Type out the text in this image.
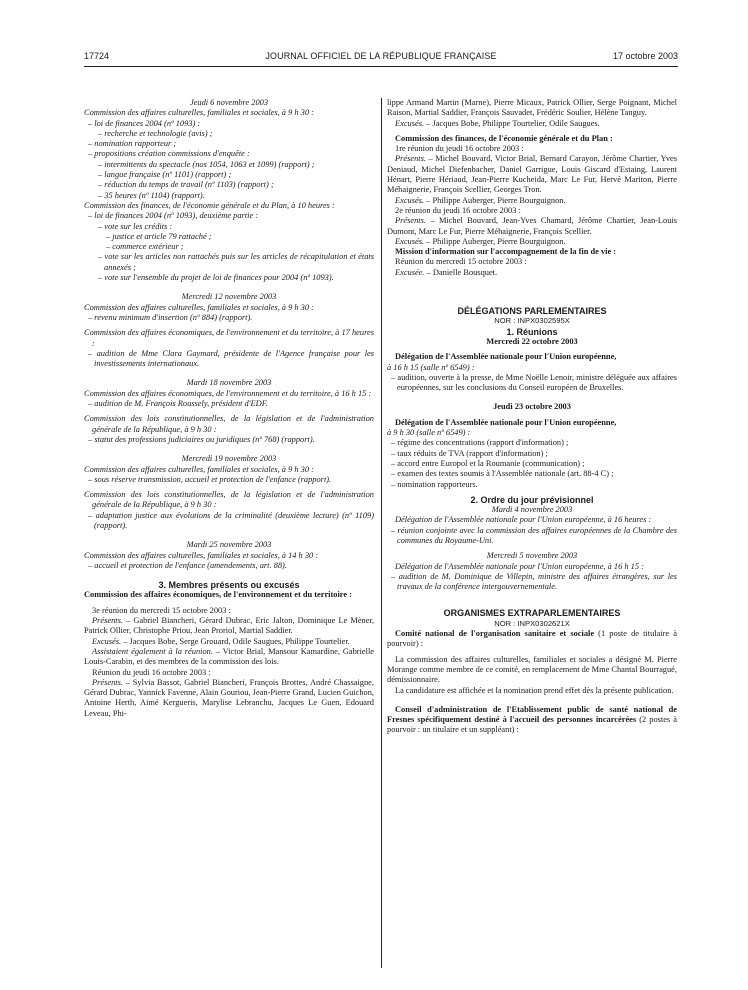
17724	JOURNAL OFFICIEL DE LA RÉPUBLIQUE FRANÇAISE	17 octobre 2003

Jeudi 6 novembre 2003

Commission des affaires culturelles, familiales et sociales, à 9 h 30 :

– loi de finances 2004 (nº 1093) :

– recherche et technologie (avis) ;

– nomination rapporteur ;

– propositions création commissions d'enquête :

– intermittents du spectacle (nos 1054, 1063 et 1099) (rapport) ;

– langue française (nº 1101) (rapport) ;

– réduction du temps de travail (nº 1103) (rapport) ;

– 35 heures (nº 1104) (rapport).

Commission des finances, de l'économie générale et du Plan, à 10 heures :

– loi de finances 2004 (nº 1093), deuxième partie :

– vote sur les crédits :

– justice et article 79 rattaché ;

– commerce extérieur ;

– vote sur les articles non rattachés puis sur les articles de récapitulation et états annexés ;

– vote sur l'ensemble du projet de loi de finances pour 2004 (nº 1093).

Mercredi 12 novembre 2003

Commission des affaires culturelles, familiales et sociales, à 9 h 30 :

– revenu minimum d'insertion (nº 884) (rapport).

Commission des affaires économiques, de l'environnement et du territoire, à 17 heures :

– audition de Mme Clara Gaymard, présidente de l'Agence française pour les investissements internationaux.

Mardi 18 novembre 2003

Commission des affaires économiques, de l'environnement et du territoire, à 16 h 15 :

– audition de M. François Roussely, président d'EDF.

Commission des lois constitutionnelles, de la législation et de l'administration générale de la République, à 9 h 30 :

– statut des professions judiciaires ou juridiques (nº 768) (rapport).

Mercredi 19 novembre 2003

Commission des affaires culturelles, familiales et sociales, à 9 h 30 :

– sous réserve transmission, accueil et protection de l'enfance (rapport).

Commission des lois constitutionnelles, de la législation et de l'administration générale de la République, à 9 h 30 :

– adaptation justice aux évolutions de la criminalité (deuxième lecture) (nº 1109) (rapport).

Mardi 25 novembre 2003

Commission des affaires culturelles, familiales et sociales, à 14 h 30 :

– accueil et protection de l'enfance (amendements, art. 88).

3. Membres présents ou excusés

Commission des affaires économiques, de l'environnement et du territoire :

3e réunion du mercredi 15 octobre 2003 :

Présents. – Gabriel Biancheri, Gérard Dubrac, Eric Jalton, Dominique Le Mèner, Patrick Ollier, Christophe Priou, Jean Proriol, Martial Saddier.

Excusés. – Jacques Bobe, Serge Grouard, Odile Saugues, Philippe Tourtelier.

Assistaient également à la réunion. – Victor Brial, Mansour Kamardine, Gabrielle Louis-Carabin, et des membres de la commission des lois.

Réunion du jeudi 16 octobre 2003 :

Présents. – Sylvia Bassot, Gabriel Biancheri, François Brottes, André Chassaigne, Gérard Dubrac, Yannick Favenne, Alain Gouriou, Jean-Pierre Grand, Lucien Guichon, Antoine Herth, Aimé Kergueris, Marylise Lebranchu, Jacques Le Guen, Edouard Leveau, Phi-

lippe Armand Martin (Marne), Pierre Micaux, Patrick Ollier, Serge Poignant, Michel Raison, Martial Saddier, François Sauvadet, Frédéric Soulier, Hélène Tanguy.

Excusés. – Jacques Bobe, Philippe Tourtelier, Odile Saugues.

Commission des finances, de l'économie générale et du Plan :

1re réunion du jeudi 16 octobre 2003 :

Présents. – Michel Bouvard, Victor Brial, Bernard Carayon, Jérôme Chartier, Yves Deniaud, Michel Diefenbacher, Daniel Garrigue, Louis Giscard d'Estaing, Laurent Hénart, Pierre Hériaud, Jean-Pierre Kucheida, Marc Le Fur, Hervé Mariton, Pierre Méhaignerie, François Scellier, Georges Tron.

Excusés. – Philippe Auberger, Pierre Bourguignon.

2e réunion du jeudi 16 octobre 2003 :

Présents. – Michel Bouvard, Jean-Yves Chamard, Jérôme Chartier, Jean-Louis Dumont, Marc Le Fur, Pierre Méhaignerie, François Scellier.

Excusés. – Philippe Auberger, Pierre Bourguignon.

Mission d'information sur l'accompagnement de la fin de vie :

Réunion du mercredi 15 octobre 2003 :

Excusée. – Danielle Bousquet.

DÉLÉGATIONS PARLEMENTAIRES

NOR : INPX0302595X

1. Réunions

Mercredi 22 octobre 2003

Délégation de l'Assemblée nationale pour l'Union européenne,

à 16 h 15 (salle nº 6549) :

– audition, ouverte à la presse, de Mme Noëlle Lenoir, ministre déléguée aux affaires européennes, sur les conclusions du Conseil européen de Bruxelles.

Jeudi 23 octobre 2003

Délégation de l'Assemblée nationale pour l'Union européenne,

à 9 h 30 (salle nº 6549) :

– régime des concentrations (rapport d'information) ;

– taux réduits de TVA (rapport d'information) ;

– accord entre Europol et la Roumanie (communication) ;

– examen des textes soumis à l'Assemblée nationale (art. 88-4 C) ;

– nomination rapporteurs.

2. Ordre du jour prévisionnel

Mardi 4 novembre 2003

Délégation de l'Assemblée nationale pour l'Union européenne, à 16 heures :

– réunion conjointe avec la commission des affaires européennes de la Chambre des communes du Royaume-Uni.

Mercredi 5 novembre 2003

Délégation de l'Assemblée nationale pour l'Union européenne, à 16 h 15 :

– audition de M. Dominique de Villepin, ministre des affaires étrangères, sur les travaux de la conférence intergouvernementale.

ORGANISMES EXTRAPARLEMENTAIRES

NOR : INPX0302621X

Comité national de l'organisation sanitaire et sociale (1 poste de titulaire à pourvoir) :

La commission des affaires culturelles, familiales et sociales a désigné M. Pierre Morange comme membre de ce comité, en remplacement de Mme Chantal Bourragué, démissionnaire.

La candidature est affichée et la nomination prend effet dès la présente publication.

Conseil d'administration de l'Etablissement public de santé national de Fresnes spécifiquement destiné à l'accueil des personnes incarcérées (2 postes à pourvoir : un titulaire et un suppléant) :
